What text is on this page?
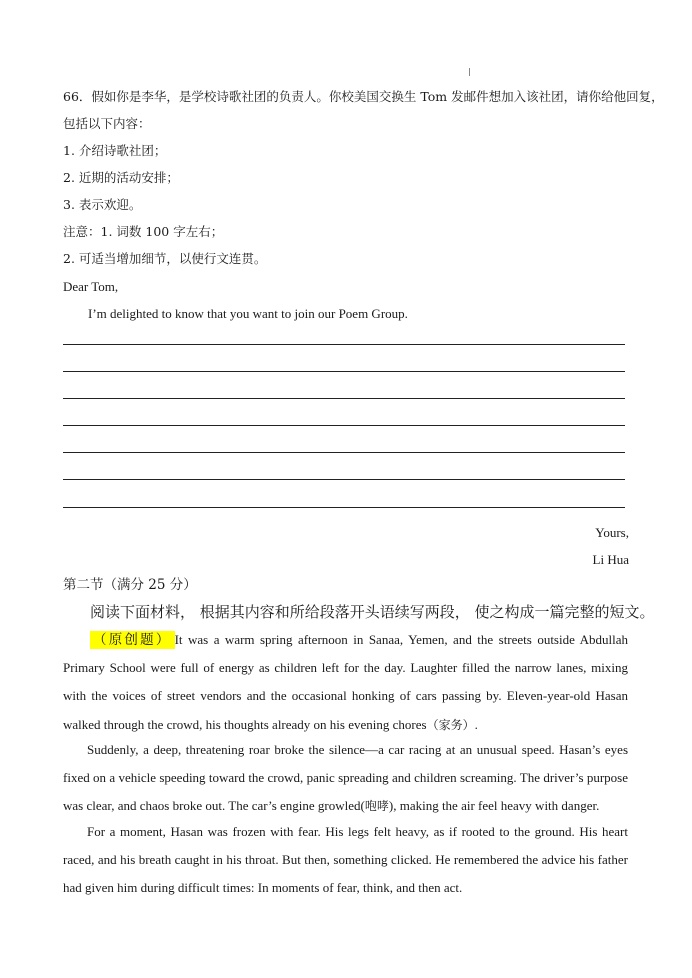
66．假如你是李华，是学校诗歌社团的负责人。你校美国交换生 Tom 发邮件想加入该社团，请你给他回复，
包括以下内容：
1. 介绍诗歌社团；
2. 近期的活动安排；
3. 表示欢迎。
注意：1. 词数 100 字左右；
2. 可适当增加细节，以使行文连贯。
Dear Tom,
I’m delighted to know that you want to join our Poem Group.
Yours,
Li Hua
第二节（满分 25 分）
阅读下面材料， 根据其内容和所给段落开头语续写两段， 使之构成一篇完整的短文。

（原创题） It was a warm spring afternoon in Sanaa, Yemen, and the streets outside Abdullah Primary School were full of energy as children left for the day. Laughter filled the narrow lanes, mixing with the voices of street vendors and the occasional honking of cars passing by. Eleven-year-old Hasan walked through the crowd, his thoughts already on his evening chores（家务）.

Suddenly, a deep, threatening roar broke the silence—a car racing at an unusual speed. Hasan’s eyes fixed on a vehicle speeding toward the crowd, panic spreading and children screaming. The driver’s purpose was clear, and chaos broke out. The car’s engine growled(咆哮), making the air feel heavy with danger.

For a moment, Hasan was frozen with fear. His legs felt heavy, as if rooted to the ground. His heart raced, and his breath caught in his throat. But then, something clicked. He remembered the advice his father had given him during difficult times: In moments of fear, think, and then act.
